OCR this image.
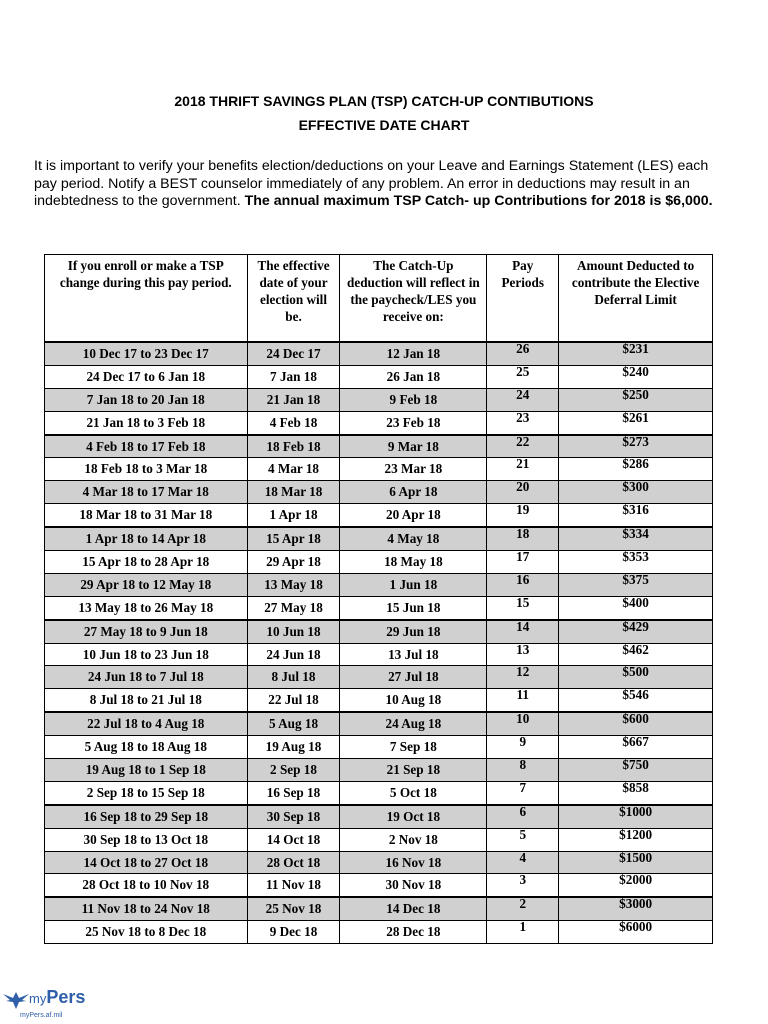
2018 THRIFT SAVINGS PLAN (TSP) CATCH-UP CONTIBUTIONS
EFFECTIVE DATE CHART
It is important to verify your benefits election/deductions on your Leave and Earnings Statement (LES) each pay period. Notify a BEST counselor immediately of any problem. An error in deductions may result in an indebtedness to the government. The annual maximum TSP Catch- up Contributions for 2018 is $6,000.
If you enroll or make a TSP change during this pay period.	The effective date of your election will be.	The Catch-Up deduction will reflect in the paycheck/LES you receive on:	Pay Periods	Amount Deducted to contribute the Elective Deferral Limit
10 Dec 17 to 23 Dec 17	24 Dec 17	12 Jan 18	26	$231
24 Dec 17 to 6 Jan 18	7 Jan 18	26 Jan 18	25	$240
7 Jan 18 to 20 Jan 18	21 Jan 18	9 Feb 18	24	$250
21 Jan 18 to 3 Feb 18	4 Feb 18	23 Feb 18	23	$261
4 Feb 18 to 17 Feb 18	18 Feb 18	9 Mar 18	22	$273
18 Feb 18 to 3 Mar 18	4 Mar 18	23 Mar 18	21	$286
4 Mar 18 to 17 Mar 18	18 Mar 18	6 Apr 18	20	$300
18 Mar 18 to 31 Mar 18	1 Apr 18	20 Apr 18	19	$316
1 Apr 18 to 14 Apr 18	15 Apr 18	4 May 18	18	$334
15 Apr 18 to 28 Apr 18	29 Apr 18	18 May 18	17	$353
29 Apr 18 to 12 May 18	13 May 18	1 Jun 18	16	$375
13 May 18 to 26 May 18	27 May 18	15 Jun 18	15	$400
27 May 18 to 9 Jun 18	10 Jun 18	29 Jun 18	14	$429
10 Jun 18 to 23 Jun 18	24 Jun 18	13 Jul 18	13	$462
24 Jun 18 to 7 Jul 18	8 Jul 18	27 Jul 18	12	$500
8 Jul 18 to 21 Jul 18	22 Jul 18	10 Aug 18	11	$546
22 Jul 18 to 4 Aug 18	5 Aug 18	24 Aug 18	10	$600
5 Aug 18 to 18 Aug 18	19 Aug 18	7 Sep 18	9	$667
19 Aug 18 to 1 Sep 18	2 Sep 18	21 Sep 18	8	$750
2 Sep 18 to 15 Sep 18	16 Sep 18	5 Oct 18	7	$858
16 Sep 18 to 29 Sep 18	30 Sep 18	19 Oct 18	6	$1000
30 Sep 18 to 13 Oct 18	14 Oct 18	2 Nov 18	5	$1200
14 Oct 18 to 27 Oct 18	28 Oct 18	16 Nov 18	4	$1500
28 Oct 18 to 10 Nov 18	11 Nov 18	30 Nov 18	3	$2000
11 Nov 18 to 24 Nov 18	25 Nov 18	14 Dec 18	2	$3000
25 Nov 18 to 8 Dec 18	9 Dec 18	28 Dec 18	1	$6000
myPers
myPers.af.mil
